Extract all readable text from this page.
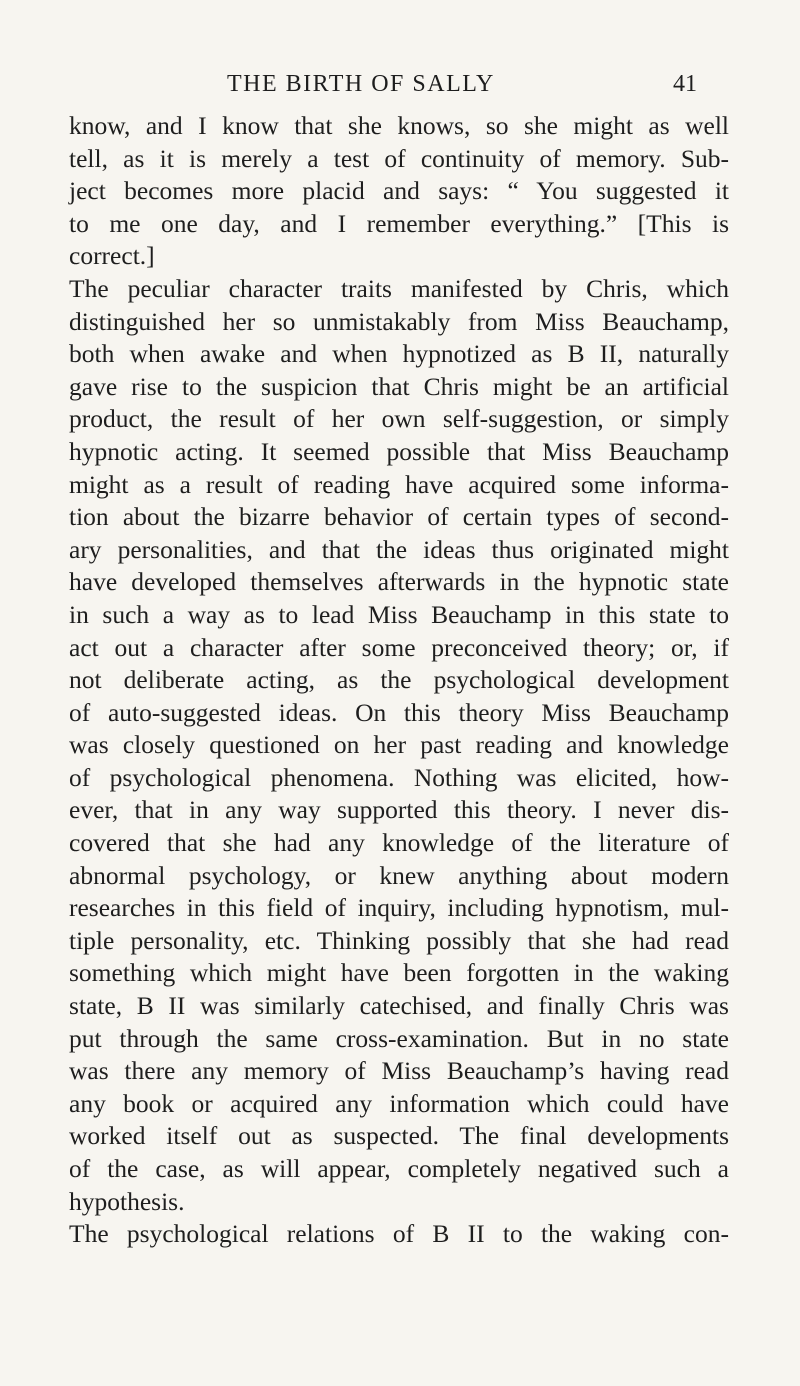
THE BIRTH OF SALLY	41
know, and I know that she knows, so she might as well
tell, as it is merely a test of continuity of memory. Sub-
ject becomes more placid and says: “ You suggested it
to me one day, and I remember everything.” [This is
correct.]
The peculiar character traits manifested by Chris, which
distinguished her so unmistakably from Miss Beauchamp,
both when awake and when hypnotized as B II, naturally
gave rise to the suspicion that Chris might be an artificial
product, the result of her own self-suggestion, or simply
hypnotic acting. It seemed possible that Miss Beauchamp
might as a result of reading have acquired some informa-
tion about the bizarre behavior of certain types of second-
ary personalities, and that the ideas thus originated might
have developed themselves afterwards in the hypnotic state
in such a way as to lead Miss Beauchamp in this state to
act out a character after some preconceived theory; or, if
not deliberate acting, as the psychological development
of auto-suggested ideas. On this theory Miss Beauchamp
was closely questioned on her past reading and knowledge
of psychological phenomena. Nothing was elicited, how-
ever, that in any way supported this theory. I never dis-
covered that she had any knowledge of the literature of
abnormal psychology, or knew anything about modern
researches in this field of inquiry, including hypnotism, mul-
tiple personality, etc. Thinking possibly that she had read
something which might have been forgotten in the waking
state, B II was similarly catechised, and finally Chris was
put through the same cross-examination. But in no state
was there any memory of Miss Beauchamp’s having read
any book or acquired any information which could have
worked itself out as suspected. The final developments
of the case, as will appear, completely negatived such a
hypothesis.
The psychological relations of B II to the waking con-
